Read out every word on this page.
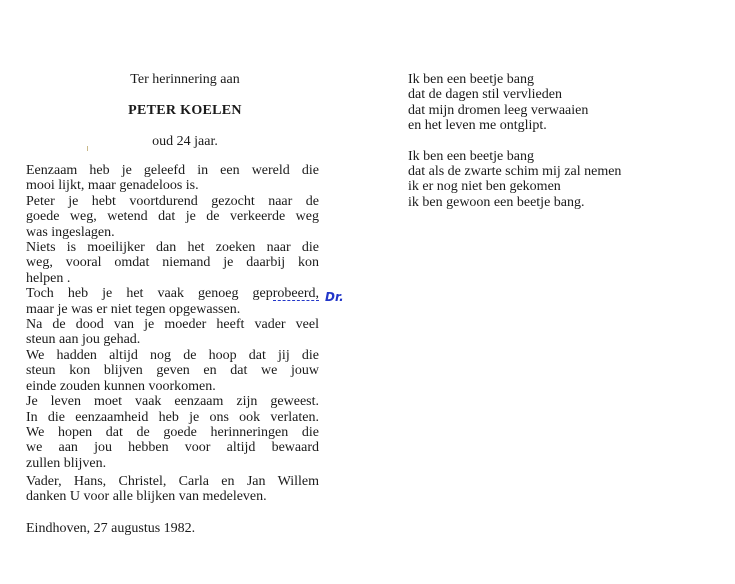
Ter herinnering aan
PETER KOELEN
oud 24 jaar.

Eenzaam heb je geleefd in een wereld die
mooi lijkt, maar genadeloos is.

Peter je hebt voortdurend gezocht naar de
goede weg, wetend dat je de verkeerde weg
was ingeslagen.

Niets is moeilijker dan het zoeken naar die
weg, vooral omdat niemand je daarbij kon
helpen .

Toch heb je het vaak genoeg geprobeerd,
maar je was er niet tegen opgewassen.

Na de dood van je moeder heeft vader veel
steun aan jou gehad.

We hadden altijd nog de hoop dat jij die
steun kon blijven geven en dat we jouw
einde zouden kunnen voorkomen.

Je leven moet vaak eenzaam zijn geweest.

In die eenzaamheid heb je ons ook verlaten.

We hopen dat de goede herinneringen die
we aan jou hebben voor altijd bewaard
zullen blijven.

Dr.

Vader, Hans, Christel, Carla en Jan Willem
danken U voor alle blijken van medeleven.

Eindhoven, 27 augustus 1982.

Ik ben een beetje bang
dat de dagen stil vervlieden
dat mijn dromen leeg verwaaien
en het leven me ontglipt.

Ik ben een beetje bang
dat als de zwarte schim mij zal nemen
ik er nog niet ben gekomen
ik ben gewoon een beetje bang.
